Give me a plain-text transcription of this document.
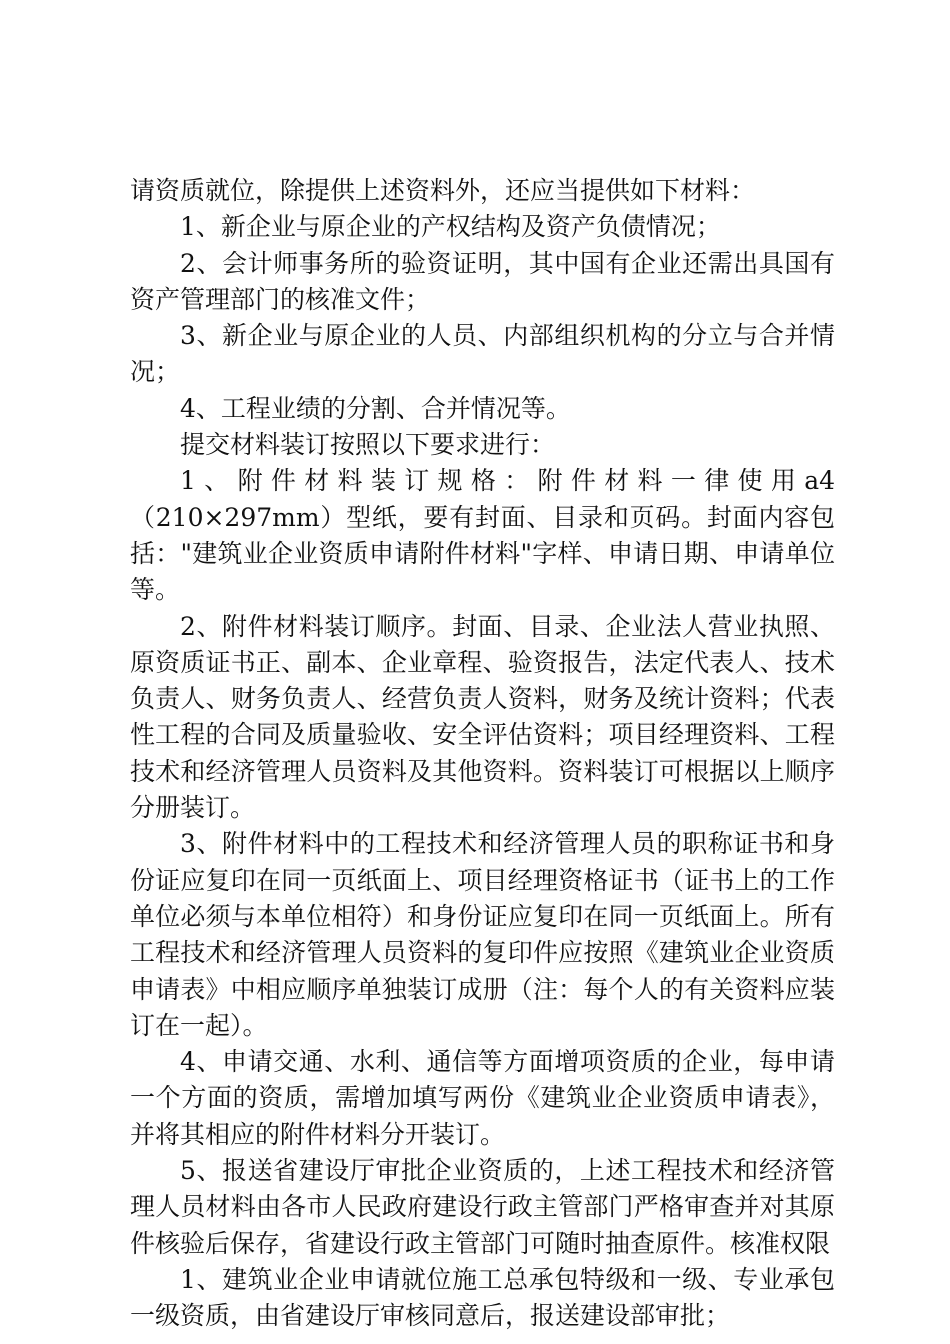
请资质就位，除提供上述资料外，还应当提供如下材料：

1、新企业与原企业的产权结构及资产负债情况；

2、会计师事务所的验资证明，其中国有企业还需出具国有资产管理部门的核准文件；

3、新企业与原企业的人员、内部组织机构的分立与合并情况；

4、工程业绩的分割、合并情况等。

提交材料装订按照以下要求进行：

1、附件材料装订规格：附件材料一律使用a4（210×297mm）型纸，要有封面、目录和页码。封面内容包括："建筑业企业资质申请附件材料"字样、申请日期、申请单位等。

2、附件材料装订顺序。封面、目录、企业法人营业执照、原资质证书正、副本、企业章程、验资报告，法定代表人、技术负责人、财务负责人、经营负责人资料，财务及统计资料；代表性工程的合同及质量验收、安全评估资料；项目经理资料、工程技术和经济管理人员资料及其他资料。资料装订可根据以上顺序分册装订。

3、附件材料中的工程技术和经济管理人员的职称证书和身份证应复印在同一页纸面上、项目经理资格证书（证书上的工作单位必须与本单位相符）和身份证应复印在同一页纸面上。所有工程技术和经济管理人员资料的复印件应按照《建筑业企业资质申请表》中相应顺序单独装订成册（注：每个人的有关资料应装订在一起）。

4、申请交通、水利、通信等方面增项资质的企业，每申请一个方面的资质，需增加填写两份《建筑业企业资质申请表》，并将其相应的附件材料分开装订。

5、报送省建设厅审批企业资质的，上述工程技术和经济管理人员材料由各市人民政府建设行政主管部门严格审查并对其原件核验后保存，省建设行政主管部门可随时抽查原件。核准权限

1、建筑业企业申请就位施工总承包特级和一级、专业承包一级资质，由省建设厅审核同意后，报送建设部审批；
